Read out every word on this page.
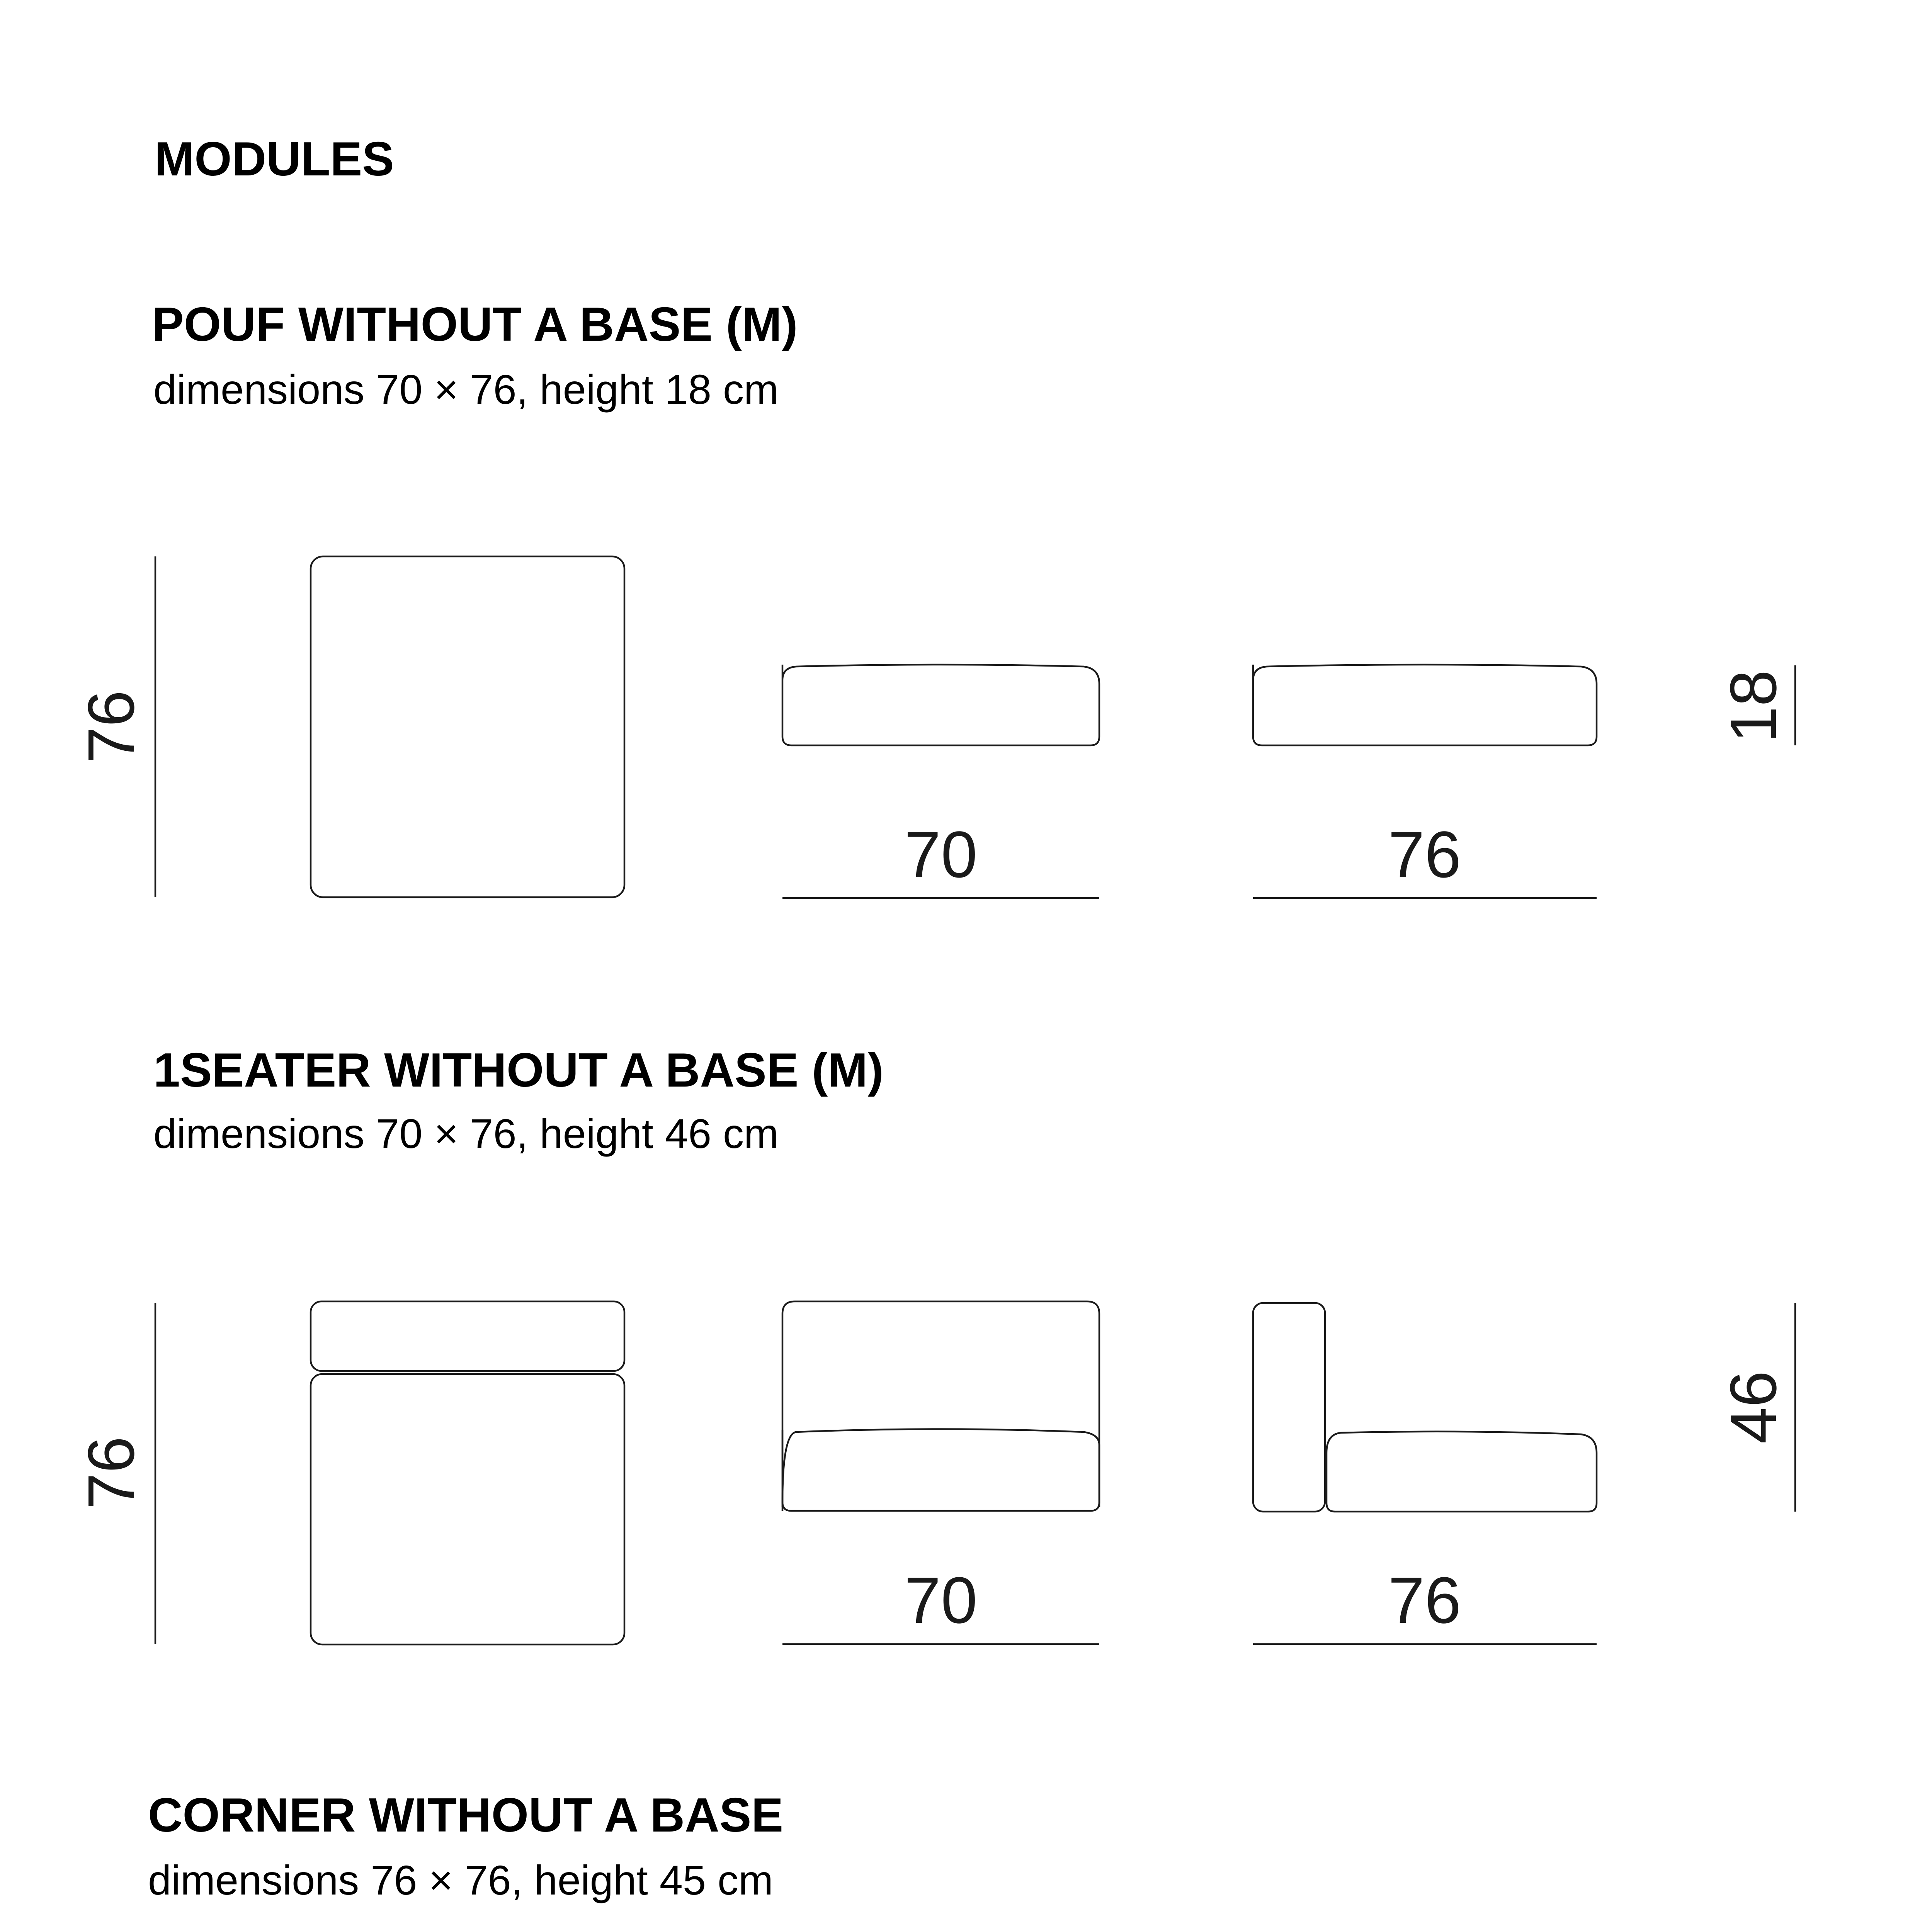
MODULES
POUF WITHOUT A BASE (M)
dimensions 70 × 76, height 18 cm
1SEATER WITHOUT A BASE (M)
dimensions 70 × 76, height 46 cm
CORNER WITHOUT A BASE
dimensions 76 × 76, height 45 cm
76
70	76
18
76
70	76
46
